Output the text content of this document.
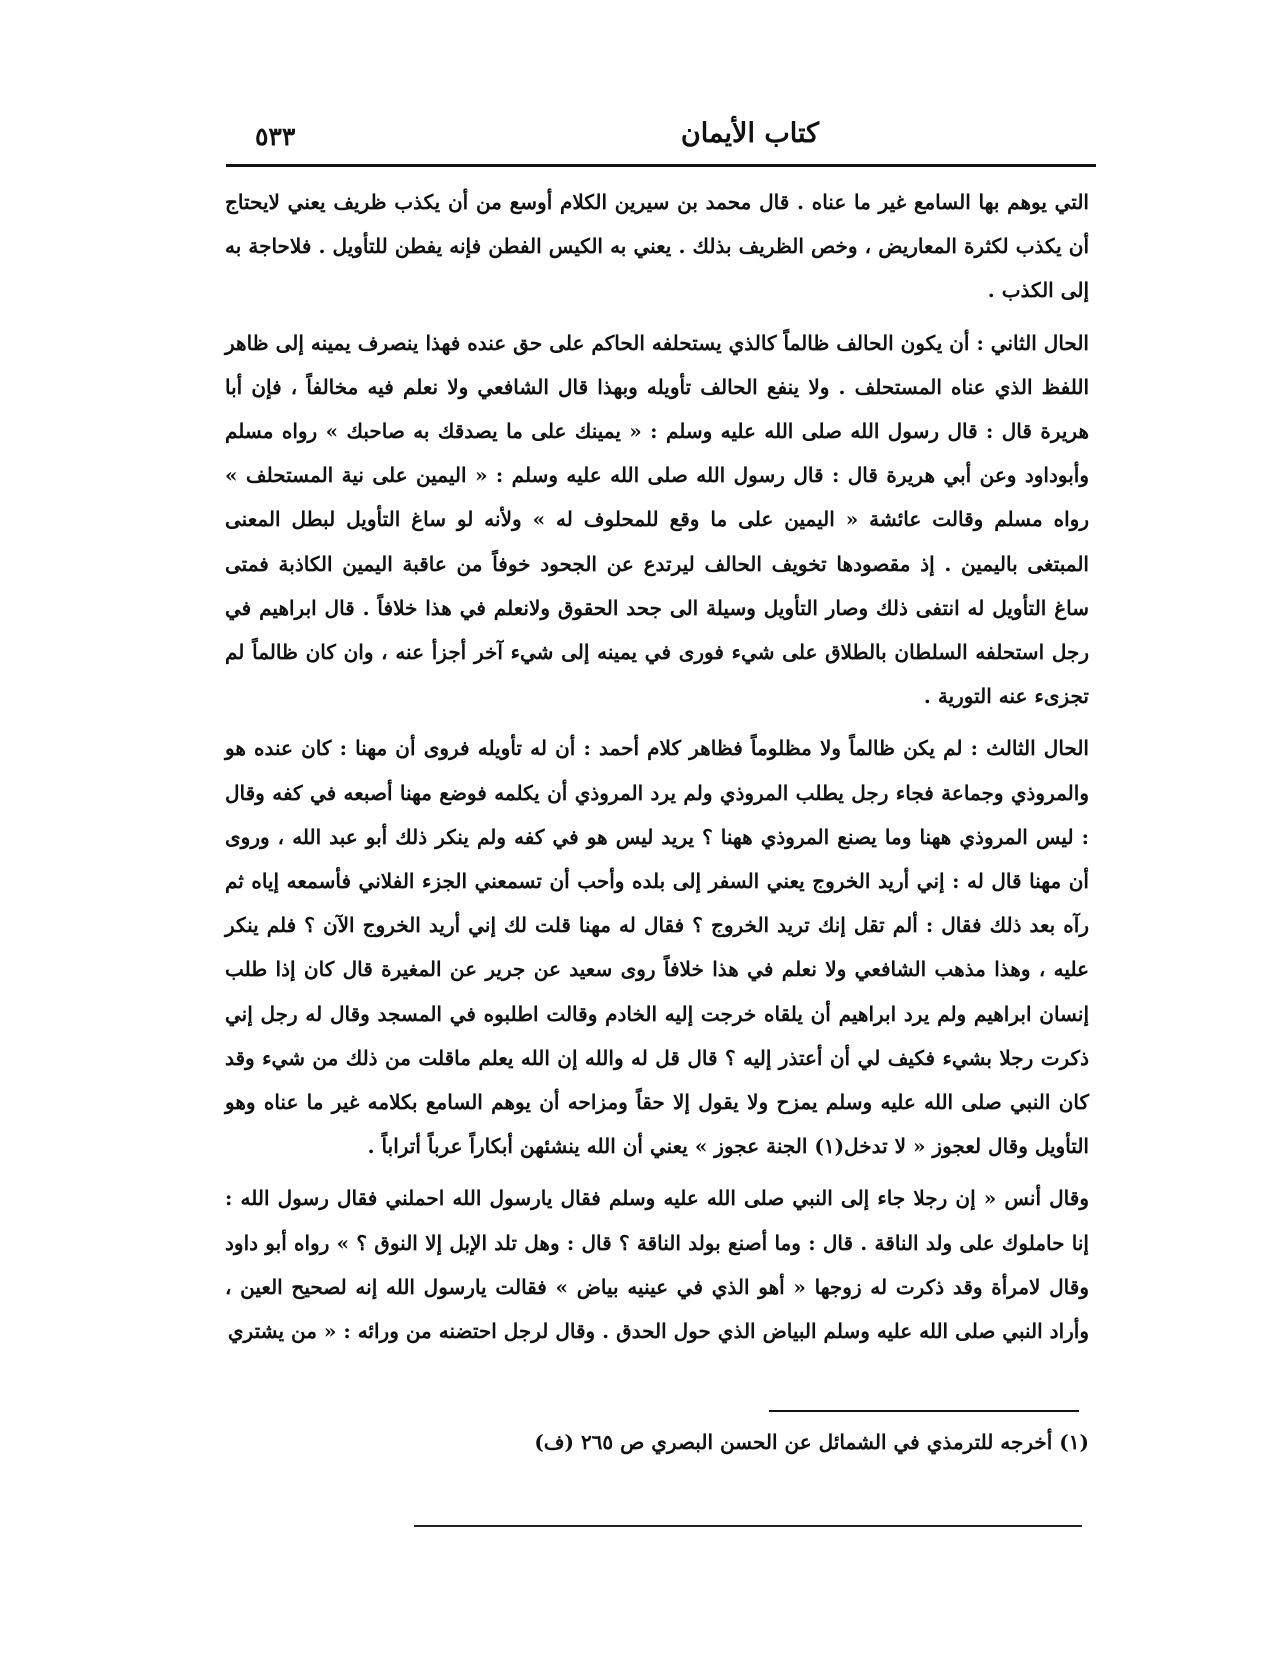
كتاب الأيمان
٥٣٣

التي يوهم بها السامع غير ما عناه . قال محمد بن سيرين الكلام أوسع من أن يكذب ظريف يعني لايحتاج أن يكذب لكثرة المعاريض ، وخص الظريف بذلك . يعني به الكيس الفطن فإنه يفطن للتأويل . فلاحاجة به إلى الكذب .

الحال الثاني : أن يكون الحالف ظالماً كالذي يستحلفه الحاكم على حق عنده فهذا ينصرف يمينه إلى ظاهر اللفظ الذي عناه المستحلف . ولا ينفع الحالف تأويله وبهذا قال الشافعي ولا نعلم فيه مخالفاً ، فإن أبا هريرة قال : قال رسول الله صلى الله عليه وسلم : « يمينك على ما يصدقك به صاحبك » رواه مسلم وأبوداود وعن أبي هريرة قال : قال رسول الله صلى الله عليه وسلم : « اليمين على نية المستحلف » رواه مسلم وقالت عائشة « اليمين على ما وقع للمحلوف له » ولأنه لو ساغ التأويل لبطل المعنى المبتغى باليمين . إذ مقصودها تخويف الحالف ليرتدع عن الجحود خوفاً من عاقبة اليمين الكاذبة فمتى ساغ التأويل له انتفى ذلك وصار التأويل وسيلة الى جحد الحقوق ولانعلم في هذا خلافاً . قال ابراهيم في رجل استحلفه السلطان بالطلاق على شيء فورى في يمينه إلى شيء آخر أجزأ عنه ، وان كان ظالماً لم تجزىء عنه التورية .

الحال الثالث : لم يكن ظالماً ولا مظلوماً فظاهر كلام أحمد : أن له تأويله فروى أن مهنا : كان عنده هو والمروذي وجماعة فجاء رجل يطلب المروذي ولم يرد المروذي أن يكلمه فوضع مهنا أصبعه في كفه وقال : ليس المروذي ههنا وما يصنع المروذي ههنا ؟ يريد ليس هو في كفه ولم ينكر ذلك أبو عبد الله ، وروى أن مهنا قال له : إني أريد الخروج يعني السفر إلى بلده وأحب أن تسمعني الجزء الفلاني فأسمعه إياه ثم رآه بعد ذلك فقال : ألم تقل إنك تريد الخروج ؟ فقال له مهنا قلت لك إني أريد الخروج الآن ؟ فلم ينكر عليه ، وهذا مذهب الشافعي ولا نعلم في هذا خلافاً روى سعيد عن جرير عن المغيرة قال كان إذا طلب إنسان ابراهيم ولم يرد ابراهيم أن يلقاه خرجت إليه الخادم وقالت اطلبوه في المسجد وقال له رجل إني ذكرت رجلا بشيء فكيف لي أن أعتذر إليه ؟ قال قل له والله إن الله يعلم ماقلت من ذلك من شيء وقد كان النبي صلى الله عليه وسلم يمزح ولا يقول إلا حقاً ومزاحه أن يوهم السامع بكلامه غير ما عناه وهو التأويل وقال لعجوز « لا تدخل(١) الجنة عجوز » يعني أن الله ينشئهن أبكاراً عرباً أتراباً .

وقال أنس « إن رجلا جاء إلى النبي صلى الله عليه وسلم فقال يارسول الله احملني فقال رسول الله : إنا حاملوك على ولد الناقة . قال : وما أصنع بولد الناقة ؟ قال : وهل تلد الإبل إلا النوق ؟ » رواه أبو داود وقال لامرأة وقد ذكرت له زوجها « أهو الذي في عينيه بياض » فقالت يارسول الله إنه لصحيح العين ، وأراد النبي صلى الله عليه وسلم البياض الذي حول الحدق . وقال لرجل احتضنه من ورائه : « من يشتري

(١) أخرجه للترمذي في الشمائل عن الحسن البصري ص ٢٦٥ (ف)
